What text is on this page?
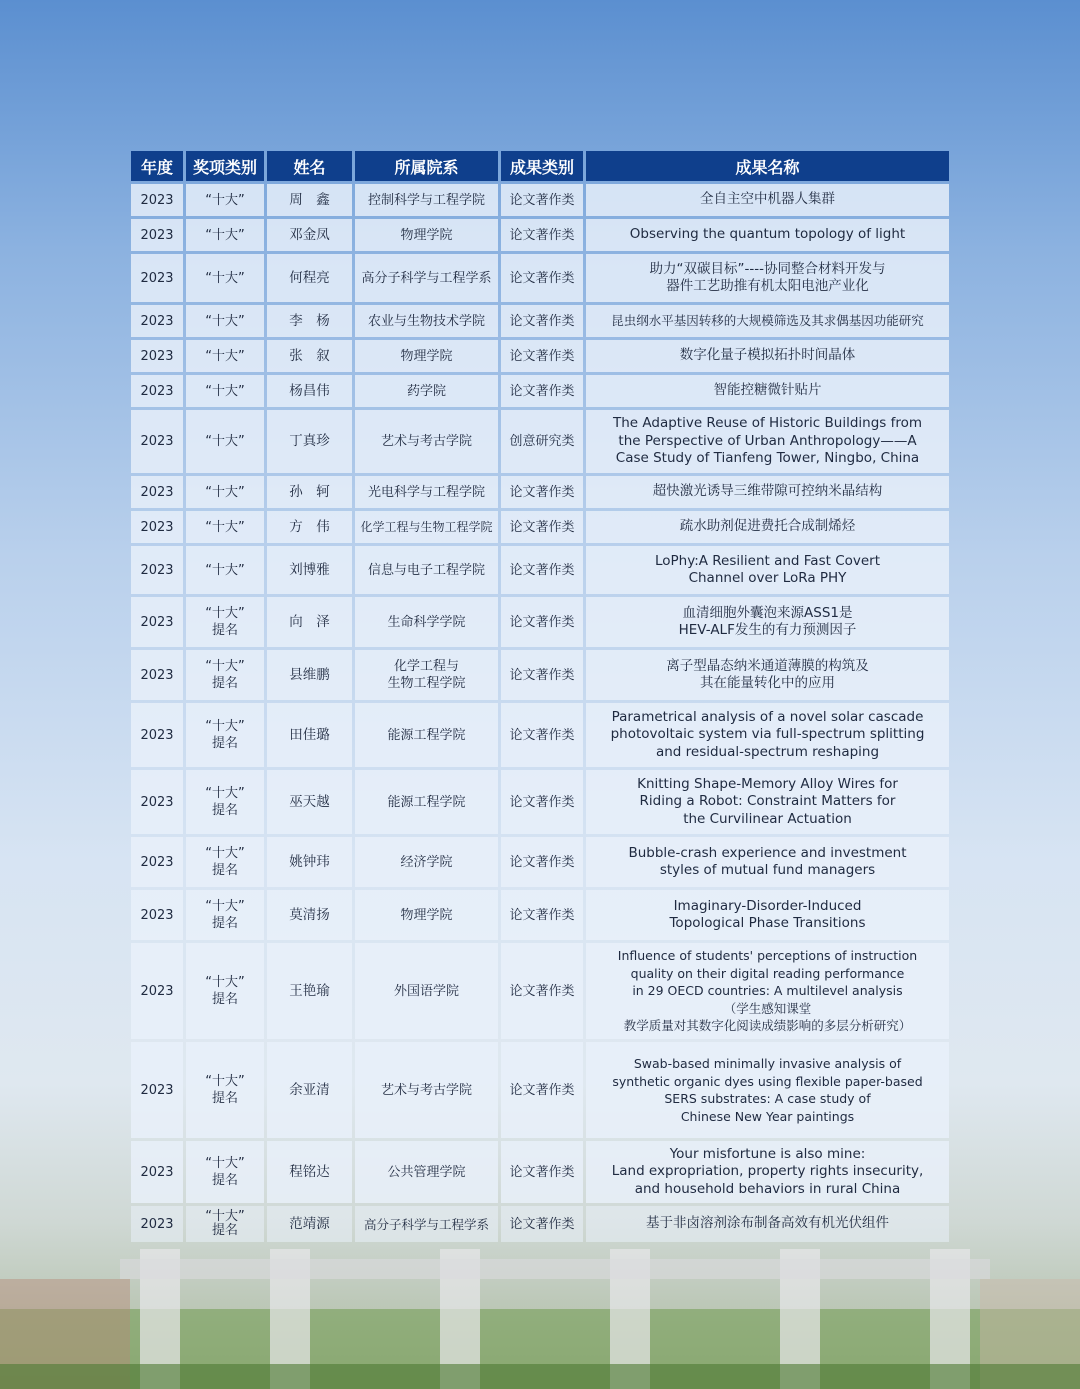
年度	奖项类别	姓名	所属院系	成果类别	成果名称
2023	“十大”	周　鑫	控制科学与工程学院	论文著作类	全自主空中机器人集群
2023	“十大”	邓金凤	物理学院	论文著作类	Observing the quantum topology of light
2023	“十大”	何程亮	高分子科学与工程学系	论文著作类	助力“双碳目标”----协同整合材料开发与
器件工艺助推有机太阳电池产业化
2023	“十大”	李　杨	农业与生物技术学院	论文著作类	昆虫纲水平基因转移的大规模筛选及其求偶基因功能研究
2023	“十大”	张　叙	物理学院	论文著作类	数字化量子模拟拓扑时间晶体
2023	“十大”	杨昌伟	药学院	论文著作类	智能控糖微针贴片
2023	“十大”	丁真珍	艺术与考古学院	创意研究类	The Adaptive Reuse of Historic Buildings from
the Perspective of Urban Anthropology——A
Case Study of Tianfeng Tower, Ningbo, China
2023	“十大”	孙　轲	光电科学与工程学院	论文著作类	超快激光诱导三维带隙可控纳米晶结构
2023	“十大”	方　伟	化学工程与生物工程学院	论文著作类	疏水助剂促进费托合成制烯烃
2023	“十大”	刘博雅	信息与电子工程学院	论文著作类	LoPhy:A Resilient and Fast Covert
Channel over LoRa PHY
2023	“十大”
提名	向　泽	生命科学学院	论文著作类	血清细胞外囊泡来源ASS1是
HEV-ALF发生的有力预测因子
2023	“十大”
提名	县维鹏	化学工程与
生物工程学院	论文著作类	离子型晶态纳米通道薄膜的构筑及
其在能量转化中的应用
2023	“十大”
提名	田佳璐	能源工程学院	论文著作类	Parametrical analysis of a novel solar cascade
photovoltaic system via full-spectrum splitting
and residual-spectrum reshaping
2023	“十大”
提名	巫天越	能源工程学院	论文著作类	Knitting Shape-Memory Alloy Wires for
Riding a Robot: Constraint Matters for
the Curvilinear Actuation
2023	“十大”
提名	姚钟玮	经济学院	论文著作类	Bubble-crash experience and investment
styles of mutual fund managers
2023	“十大”
提名	莫清扬	物理学院	论文著作类	Imaginary-Disorder-Induced
Topological Phase Transitions
2023	“十大”
提名	王艳瑜	外国语学院	论文著作类	Influence of students' perceptions of instruction
quality on their digital reading performance
in 29 OECD countries: A multilevel analysis
（学生感知课堂
教学质量对其数字化阅读成绩影响的多层分析研究）
2023	“十大”
提名	余亚清	艺术与考古学院	论文著作类	Swab-based minimally invasive analysis of
synthetic organic dyes using flexible paper-based
SERS substrates: A case study of
Chinese New Year paintings
2023	“十大”
提名	程铭达	公共管理学院	论文著作类	Your misfortune is also mine:
Land expropriation, property rights insecurity,
and household behaviors in rural China
2023	“十大”
提名	范靖源	高分子科学与工程学系	论文著作类	基于非卤溶剂涂布制备高效有机光伏组件
